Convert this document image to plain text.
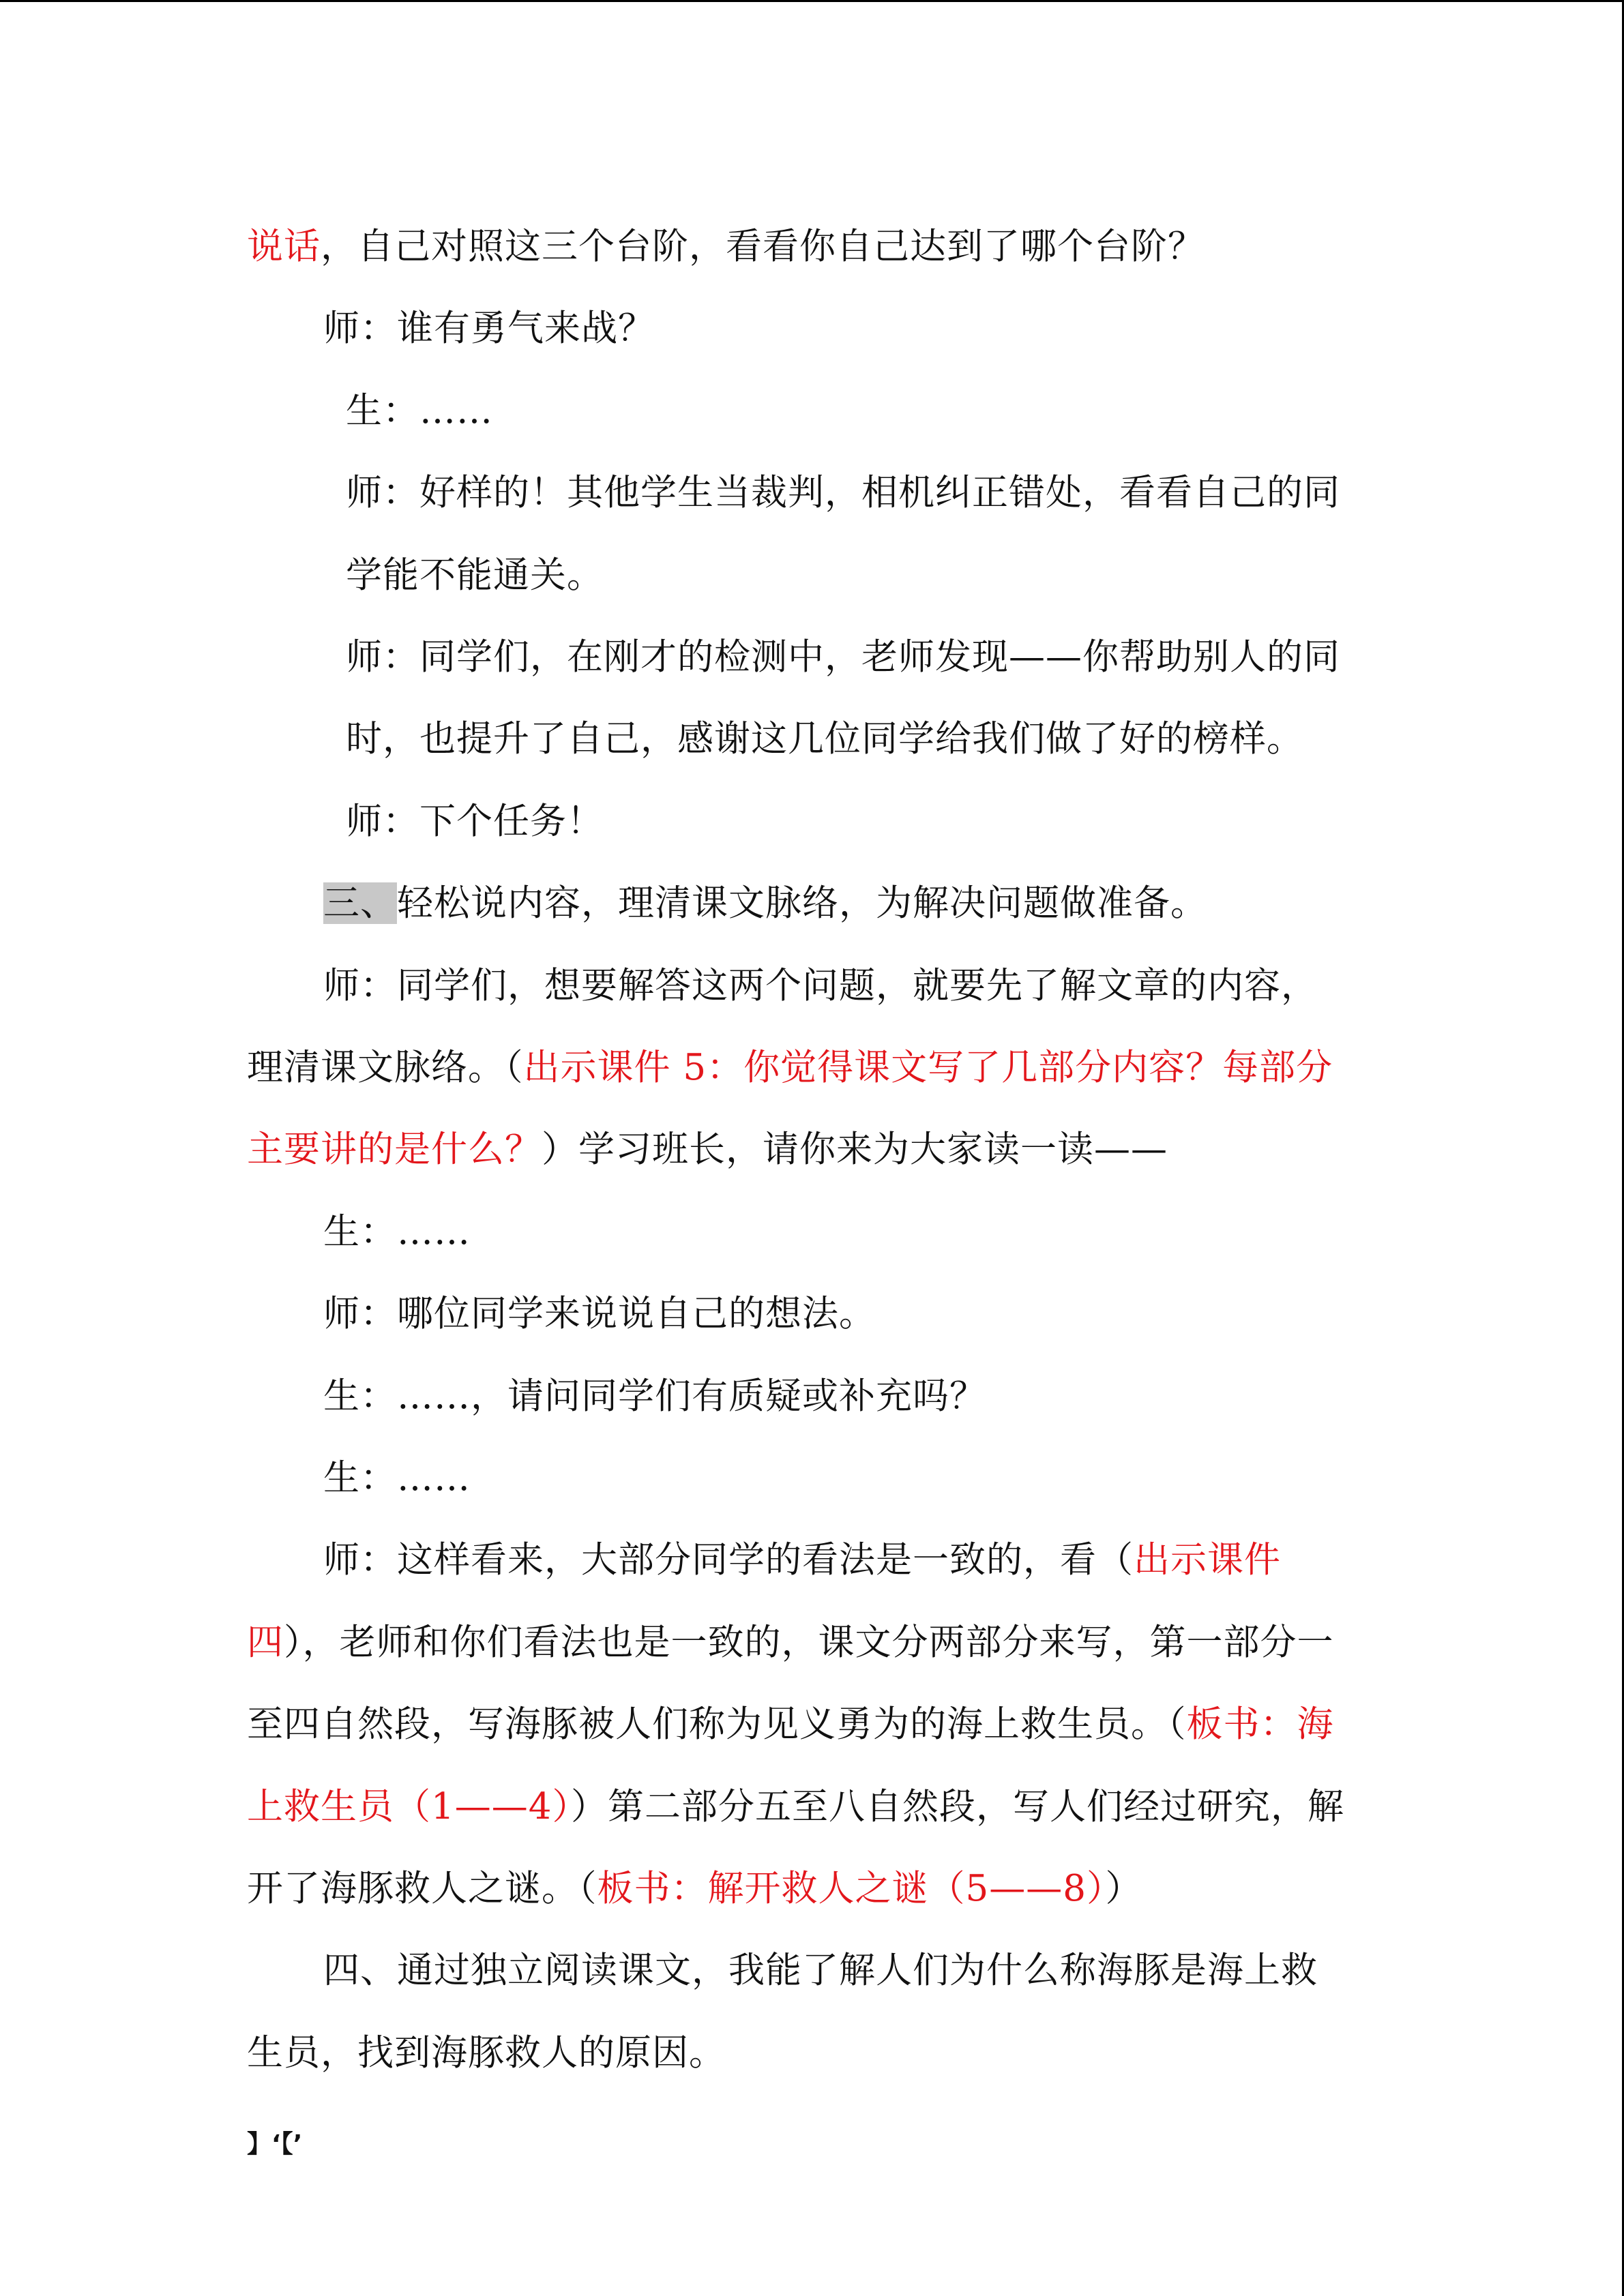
说话，自己对照这三个台阶，看看你自己达到了哪个台阶？
师：谁有勇气来战？
生：……
师：好样的！其他学生当裁判，相机纠正错处，看看自己的同
学能不能通关。
师：同学们，在刚才的检测中，老师发现——你帮助别人的同
时，也提升了自己，感谢这几位同学给我们做了好的榜样。
师：下个任务！
三、轻松说内容，理清课文脉络，为解决问题做准备。
师：同学们，想要解答这两个问题，就要先了解文章的内容，
理清课文脉络。（出示课件 5：你觉得课文写了几部分内容？每部分
主要讲的是什么？）学习班长，请你来为大家读一读——
生：……
师：哪位同学来说说自己的想法。
生：……，请问同学们有质疑或补充吗？
生：……
师：这样看来，大部分同学的看法是一致的，看（出示课件
四），老师和你们看法也是一致的，课文分两部分来写，第一部分一
至四自然段，写海豚被人们称为见义勇为的海上救生员。（板书：海
上救生员（1——4））第二部分五至八自然段，写人们经过研究，解
开了海豚救人之谜。（板书：解开救人之谜（5——8））
四、通过独立阅读课文，我能了解人们为什么称海豚是海上救
生员，找到海豚救人的原因。
】‘【’
